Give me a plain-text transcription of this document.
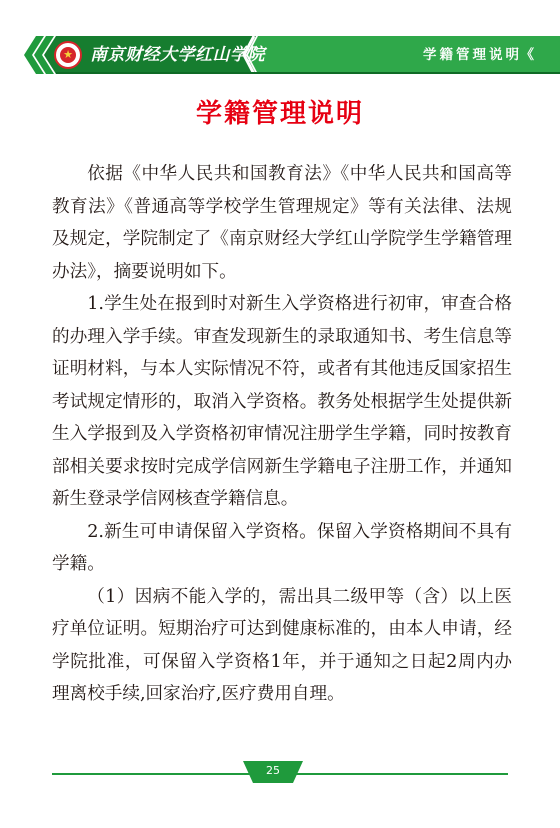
★ 南京财经大学红山学院	学籍管理说明
《
学籍管理说明

依据《中华人民共和国教育法》《中华人民共和国高等教育法》《普通高等学校学生管理规定》等有关法律、法规及规定，学院制定了《南京财经大学红山学院学生学籍管理办法》，摘要说明如下。

1.学生处在报到时对新生入学资格进行初审，审查合格的办理入学手续。审查发现新生的录取通知书、考生信息等证明材料，与本人实际情况不符，或者有其他违反国家招生考试规定情形的，取消入学资格。教务处根据学生处提供新生入学报到及入学资格初审情况注册学生学籍，同时按教育部相关要求按时完成学信网新生学籍电子注册工作，并通知新生登录学信网核查学籍信息。

2.新生可申请保留入学资格。保留入学资格期间不具有学籍。

（1）因病不能入学的，需出具二级甲等（含）以上医疗单位证明。短期治疗可达到健康标准的，由本人申请，经学院批准，可保留入学资格1年，并于通知之日起2周内办理离校手续,回家治疗,医疗费用自理。

25
